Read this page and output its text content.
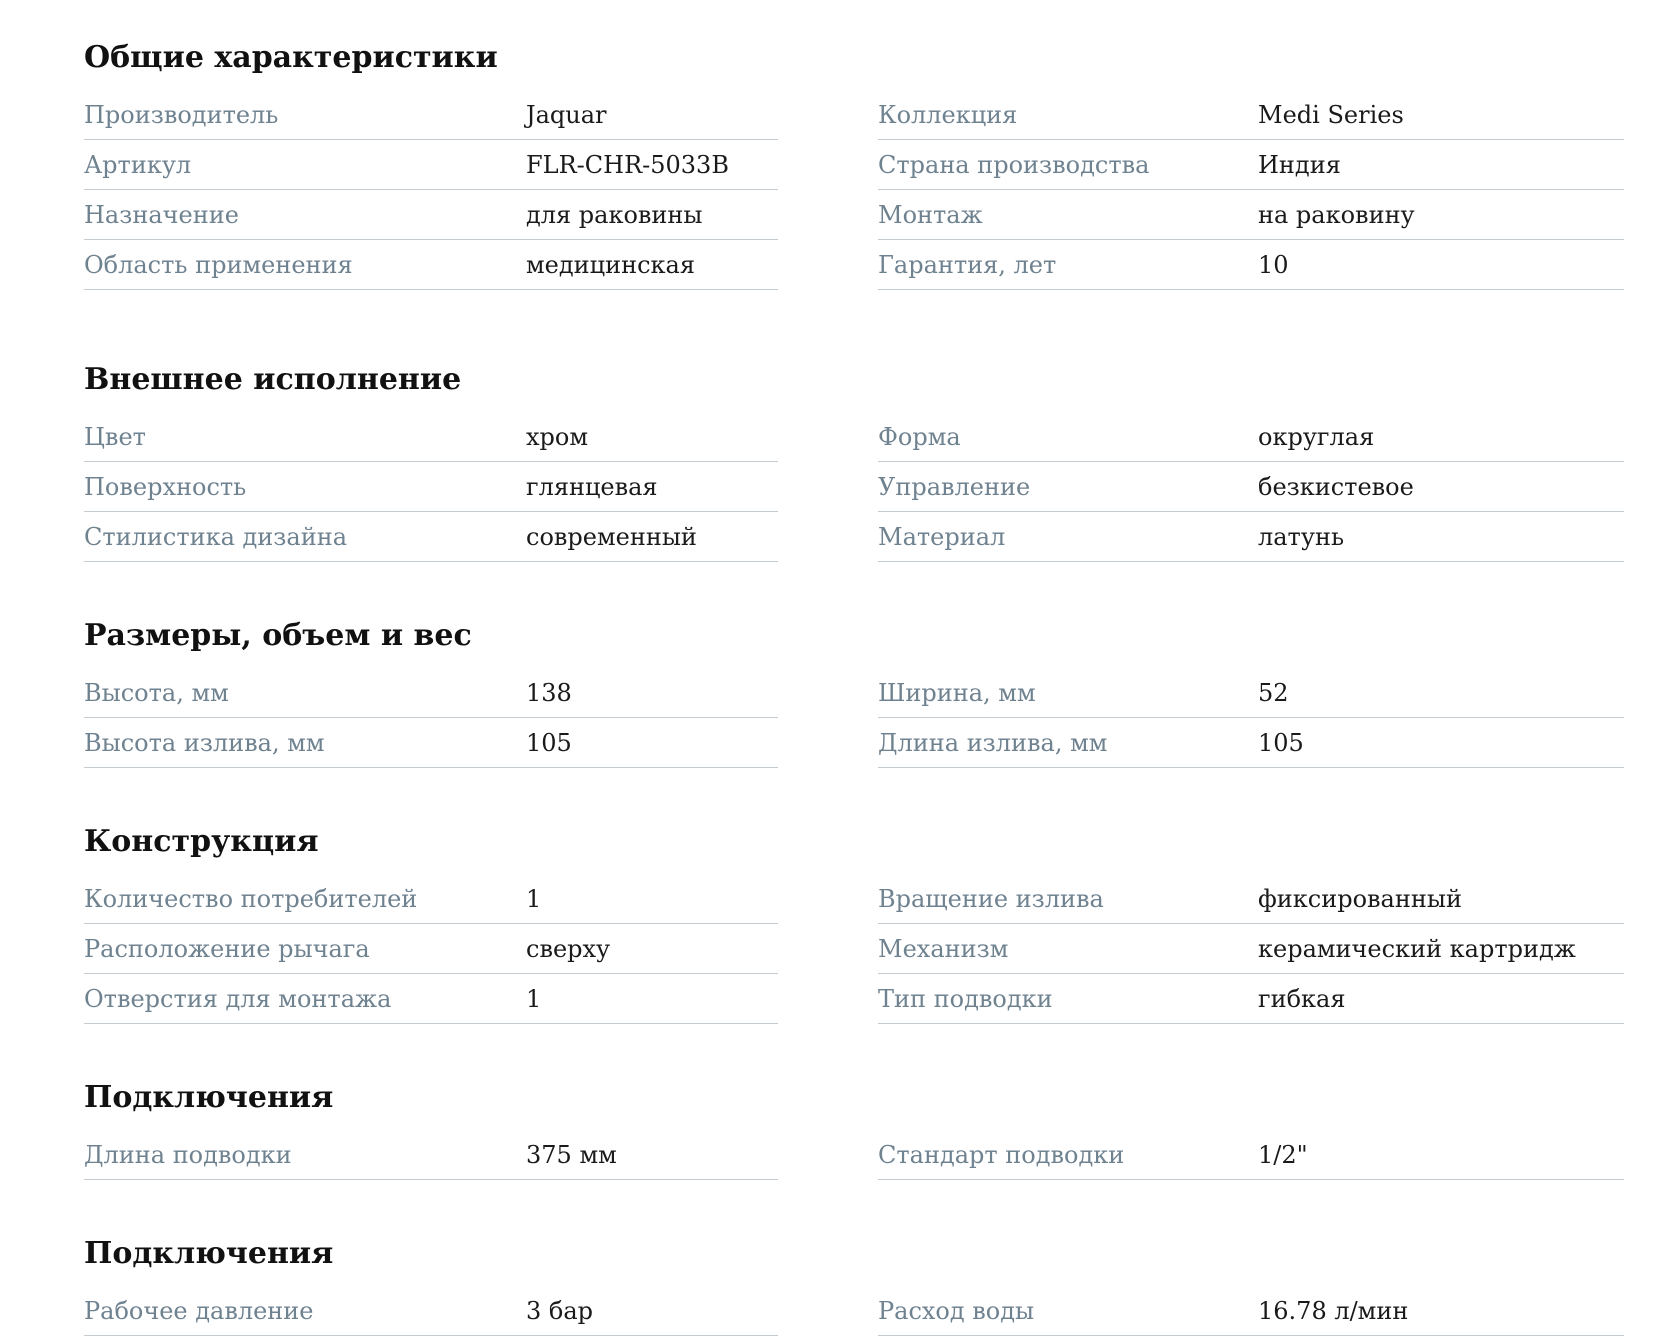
Общие характеристики
Производитель	Jaquar
Артикул	FLR-CHR-5033B
Назначение	для раковины
Область применения	медицинская
Коллекция	Medi Series
Страна производства	Индия
Монтаж	на раковину
Гарантия, лет	10
Внешнее исполнение
Цвет	хром
Поверхность	глянцевая
Стилистика дизайна	современный
Форма	округлая
Управление	безкистевое
Материал	латунь
Размеры, объем и вес
Высота, мм	138
Высота излива, мм	105
Ширина, мм	52
Длина излива, мм	105
Конструкция
Количество потребителей	1
Расположение рычага	сверху
Отверстия для монтажа	1
Вращение излива	фиксированный
Механизм	керамический картридж
Тип подводки	гибкая
Подключения
Длина подводки	375 мм	Стандарт подводки	1/2"
Подключения
Рабочее давление	3 бар	Расход воды	16.78 л/мин
